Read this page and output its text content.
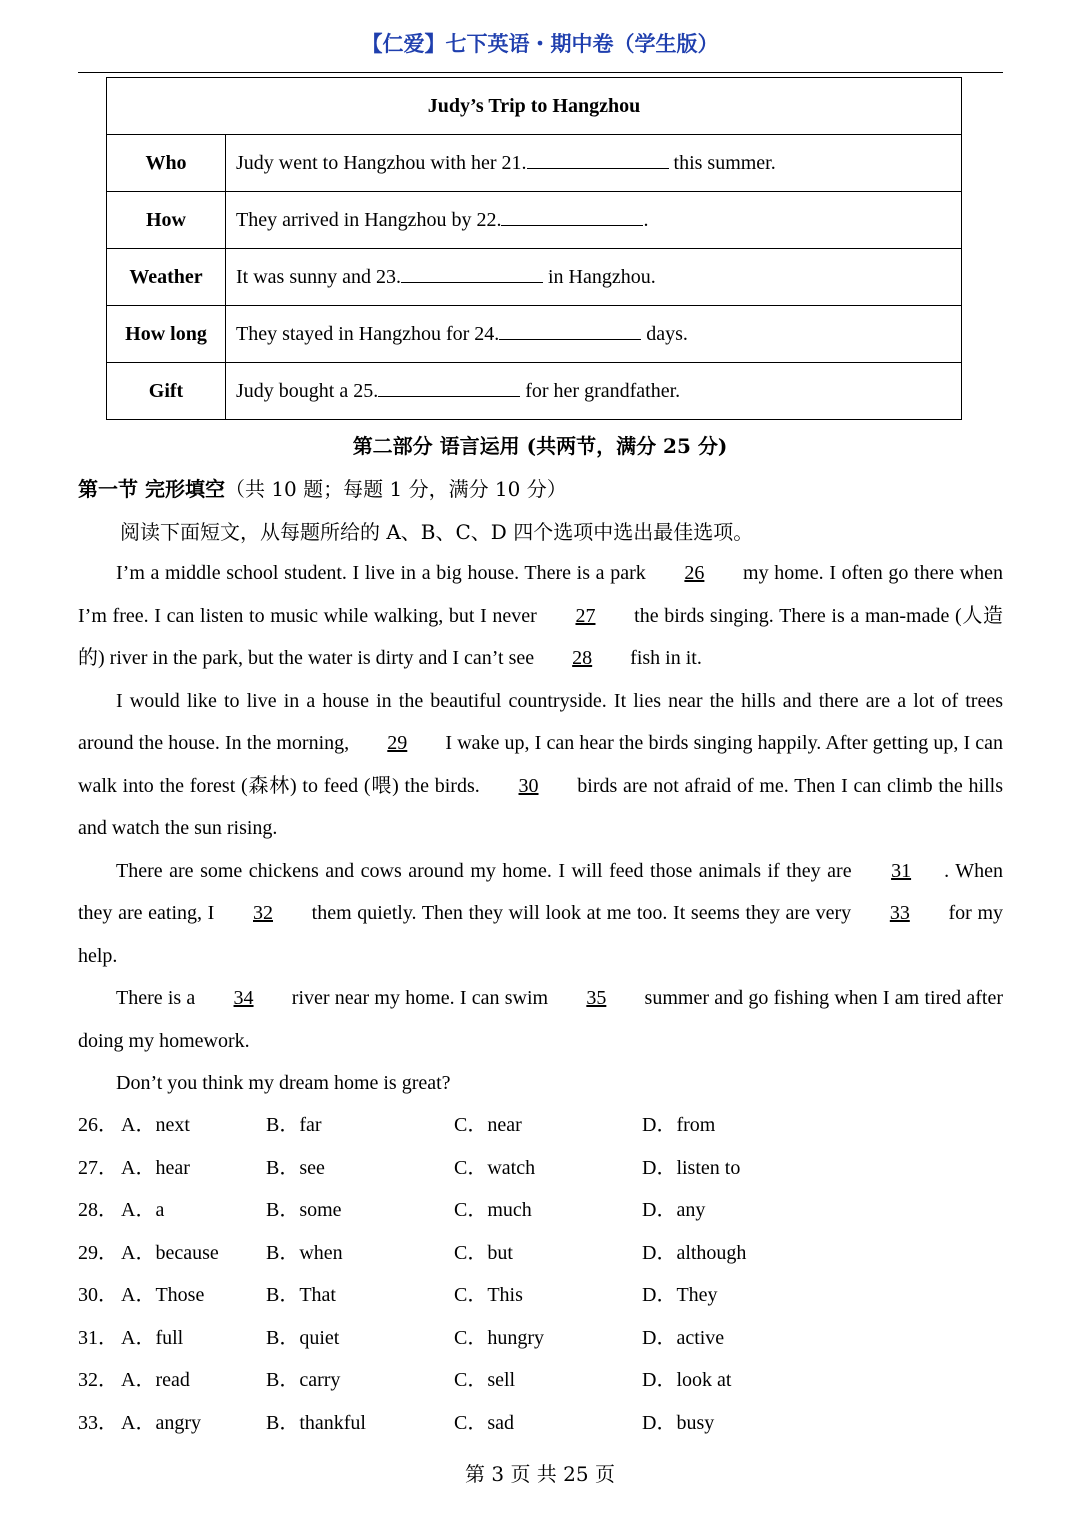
【仁爱】七下英语・期中卷（学生版）
Judy’s Trip to Hangzhou	
Who	Judy went to Hangzhou with her 21. this summer.
How	They arrived in Hangzhou by 22. .
Weather	It was sunny and 23. in Hangzhou.
How long	They stayed in Hangzhou for 24. days.
Gift	Judy bought a 25. for her grandfather.
第二部分 语言运用 (共两节，满分 25 分)
第一节 完形填空（共 10 题；每题 1 分，满分 10 分）
阅读下面短文，从每题所给的 A、B、C、D 四个选项中选出最佳选项。

I’m a middle school student. I live in a big house. There is a park 26 my home. I often go there when I’m free. I can listen to music while walking, but I never 27 the birds singing. There is a man-made (人造的) river in the park, but the water is dirty and I can’t see 28 fish in it.

I would like to live in a house in the beautiful countryside. It lies near the hills and there are a lot of trees around the house. In the morning, 29 I wake up, I can hear the birds singing happily. After getting up, I can walk into the forest (森林) to feed (喂) the birds. 30 birds are not afraid of me. Then I can climb the hills and watch the sun rising.

There are some chickens and cows around my home. I will feed those animals if they are 31 . When they are eating, I 32 them quietly. Then they will look at me too. It seems they are very 33 for my help.

There is a 34 river near my home. I can swim 35 summer and go fishing when I am tired after doing my homework.

Don’t you think my dream home is great?

26． A．next	B．far	C．near	D．from
27． A．hear	B．see	C．watch	D．listen to
28． A．a	B．some	C．much	D．any
29． A．because B．when	C．but	D．although
30． A．Those	B．That	C．This	D．They
31． A．full	B．quiet	C．hungry	D．active
32． A．read	B．carry	C．sell	D．look at
33． A．angry	B．thankful	C．sad	D．busy
第 3 页 共 25 页
